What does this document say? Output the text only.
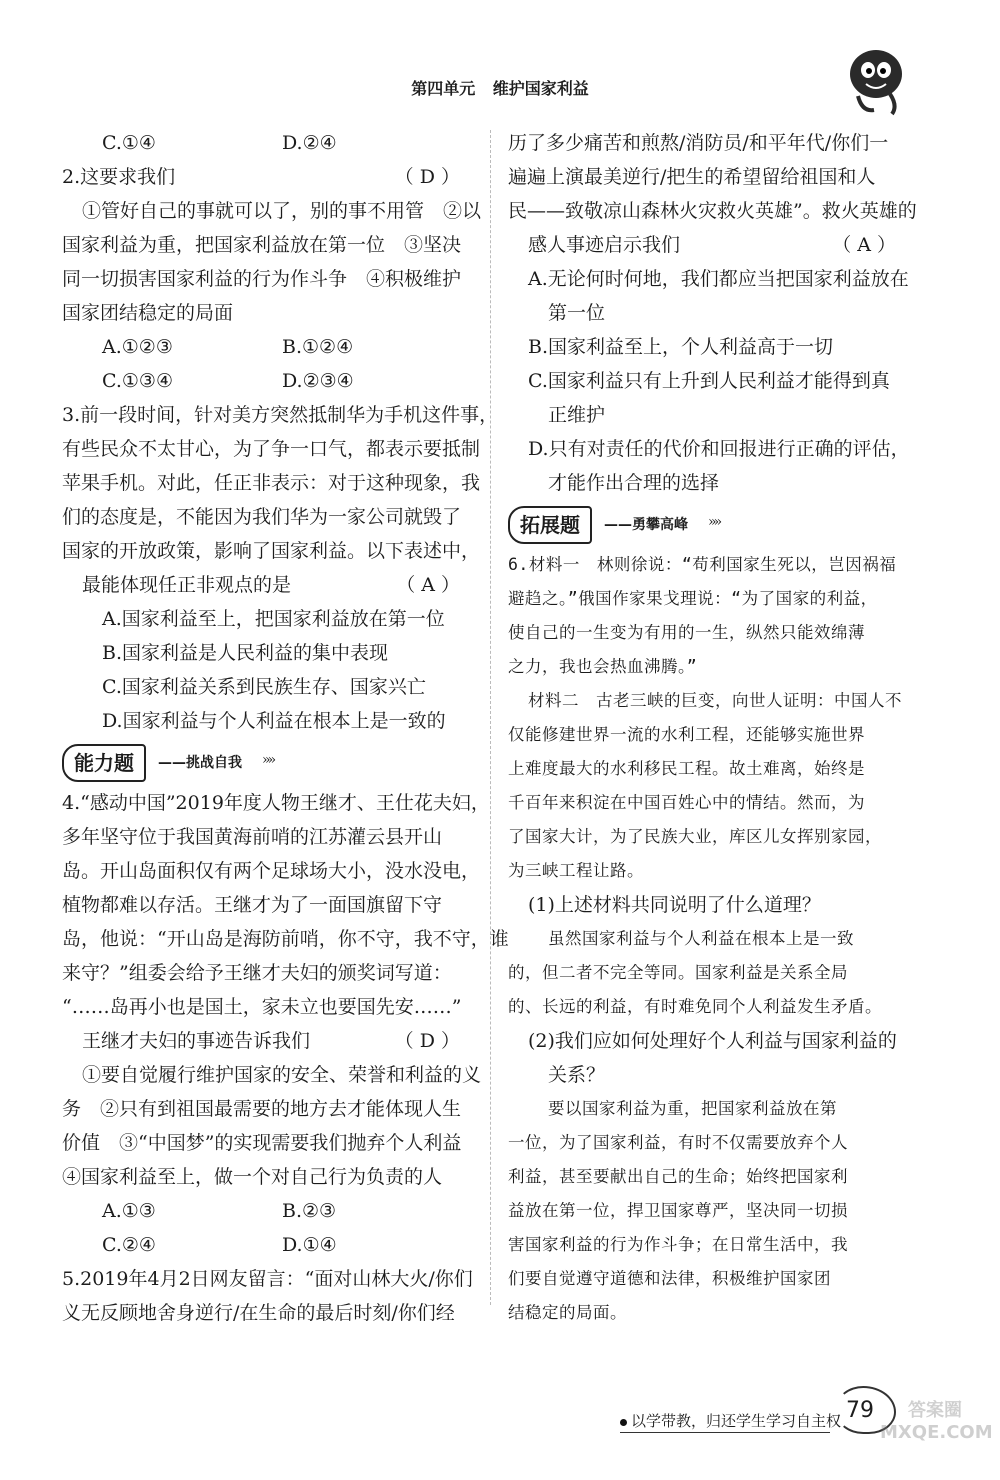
第四单元 维护国家利益
C.①④	D.②④
2.这要求我们	（ D ）
①管好自己的事就可以了，别的事不用管　②以
国家利益为重，把国家利益放在第一位　③坚决
同一切损害国家利益的行为作斗争　④积极维护
国家团结稳定的局面
A.①②③	B.①②④
C.①③④	D.②③④
3.前一段时间，针对美方突然抵制华为手机这件事，
有些民众不太甘心，为了争一口气，都表示要抵制
苹果手机。对此，任正非表示：对于这种现象，我
们的态度是，不能因为我们华为一家公司就毁了
国家的开放政策，影响了国家利益。以下表述中，
最能体现任正非观点的是	（ A ）
A.国家利益至上，把国家利益放在第一位
B.国家利益是人民利益的集中表现
C.国家利益关系到民族生存、国家兴亡
D.国家利益与个人利益在根本上是一致的
能力题	——挑战自我 »»
4.“感动中国”2019年度人物王继才、王仕花夫妇，
多年坚守位于我国黄海前哨的江苏灌云县开山
岛。开山岛面积仅有两个足球场大小，没水没电，
植物都难以存活。王继才为了一面国旗留下守
岛，他说：“开山岛是海防前哨，你不守，我不守，谁
来守？”组委会给予王继才夫妇的颁奖词写道：
“……岛再小也是国土，家未立也要国先安……”
王继才夫妇的事迹告诉我们	（ D ）
①要自觉履行维护国家的安全、荣誉和利益的义
务　②只有到祖国最需要的地方去才能体现人生
价值　③“中国梦”的实现需要我们抛弃个人利益
④国家利益至上，做一个对自己行为负责的人
A.①③	B.②③
C.②④	D.①④
5.2019年4月2日网友留言：“面对山林大火/你们
义无反顾地舍身逆行/在生命的最后时刻/你们经
历了多少痛苦和煎熬/消防员/和平年代/你们一
遍遍上演最美逆行/把生的希望留给祖国和人
民——致敬凉山森林火灾救火英雄”。救火英雄的
感人事迹启示我们	（ A ）
A.无论何时何地，我们都应当把国家利益放在
第一位
B.国家利益至上，个人利益高于一切
C.国家利益只有上升到人民利益才能得到真
正维护
D.只有对责任的代价和回报进行正确的评估，
才能作出合理的选择
拓展题	——勇攀高峰 »»
6.材料一　林则徐说：“苟利国家生死以，岂因祸福
避趋之。”俄国作家果戈理说：“为了国家的利益，
使自己的一生变为有用的一生，纵然只能效绵薄
之力，我也会热血沸腾。”
材料二　古老三峡的巨变，向世人证明：中国人不
仅能修建世界一流的水利工程，还能够实施世界
上难度最大的水利移民工程。故土难离，始终是
千百年来积淀在中国百姓心中的情结。然而，为
了国家大计，为了民族大业，库区儿女挥别家园，
为三峡工程让路。
(1)上述材料共同说明了什么道理？
虽然国家利益与个人利益在根本上是一致
的，但二者不完全等同。国家利益是关系全局
的、长远的利益，有时难免同个人利益发生矛盾。
(2)我们应如何处理好个人利益与国家利益的
关系？
要以国家利益为重，把国家利益放在第
一位，为了国家利益，有时不仅需要放弃个人
利益，甚至要献出自己的生命；始终把国家利
益放在第一位，捍卫国家尊严，坚决同一切损
害国家利益的行为作斗争；在日常生活中，我
们要自觉遵守道德和法律，积极维护国家团
结稳定的局面。
以学带教，归还学生学习自主权 79	答案圈
MXQE.COM
